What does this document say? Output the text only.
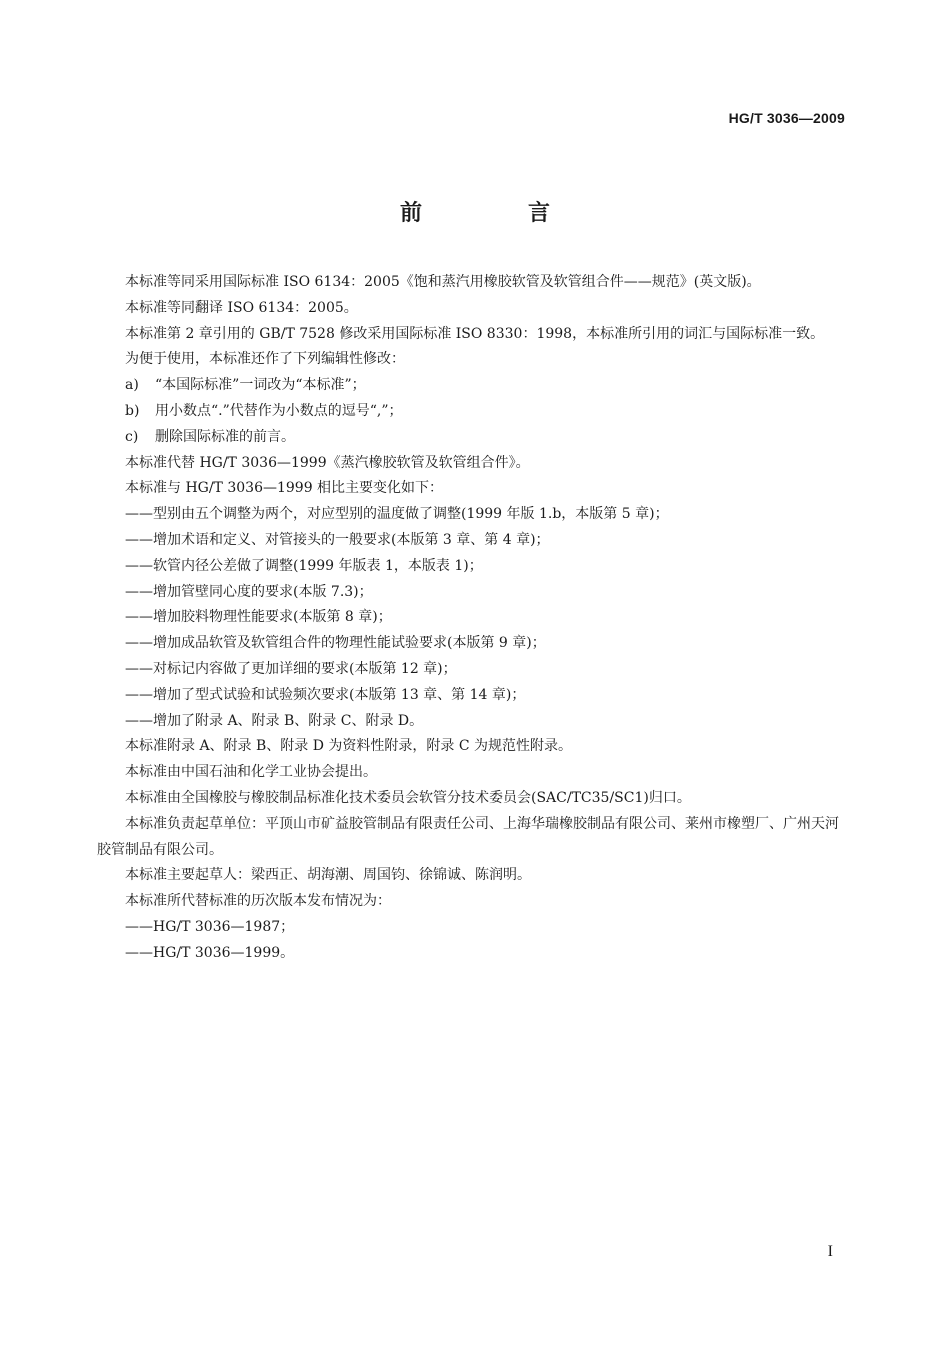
HG/T 3036—2009
前　言

本标准等同采用国际标准 ISO 6134：2005《饱和蒸汽用橡胶软管及软管组合件——规范》(英文版)。

本标准等同翻译 ISO 6134：2005。

本标准第 2 章引用的 GB/T 7528 修改采用国际标准 ISO 8330：1998，本标准所引用的词汇与国际标准一致。

为便于使用，本标准还作了下列编辑性修改：

a) “本国际标准”一词改为“本标准”；

b) 用小数点“.”代替作为小数点的逗号“,”；

c) 删除国际标准的前言。

本标准代替 HG/T 3036—1999《蒸汽橡胶软管及软管组合件》。

本标准与 HG/T 3036—1999 相比主要变化如下：

——型别由五个调整为两个，对应型别的温度做了调整(1999 年版 1.b，本版第 5 章)；

——增加术语和定义、对管接头的一般要求(本版第 3 章、第 4 章)；

——软管内径公差做了调整(1999 年版表 1，本版表 1)；

——增加管壁同心度的要求(本版 7.3)；

——增加胶料物理性能要求(本版第 8 章)；

——增加成品软管及软管组合件的物理性能试验要求(本版第 9 章)；

——对标记内容做了更加详细的要求(本版第 12 章)；

——增加了型式试验和试验频次要求(本版第 13 章、第 14 章)；

——增加了附录 A、附录 B、附录 C、附录 D。

本标准附录 A、附录 B、附录 D 为资料性附录，附录 C 为规范性附录。

本标准由中国石油和化学工业协会提出。

本标准由全国橡胶与橡胶制品标准化技术委员会软管分技术委员会(SAC/TC35/SC1)归口。

本标准负责起草单位：平顶山市矿益胶管制品有限责任公司、上海华瑞橡胶制品有限公司、莱州市橡塑厂、广州天河胶管制品有限公司。

本标准主要起草人：梁西正、胡海潮、周国钧、徐锦诚、陈润明。

本标准所代替标准的历次版本发布情况为：

——HG/T 3036—1987；

——HG/T 3036—1999。

I
